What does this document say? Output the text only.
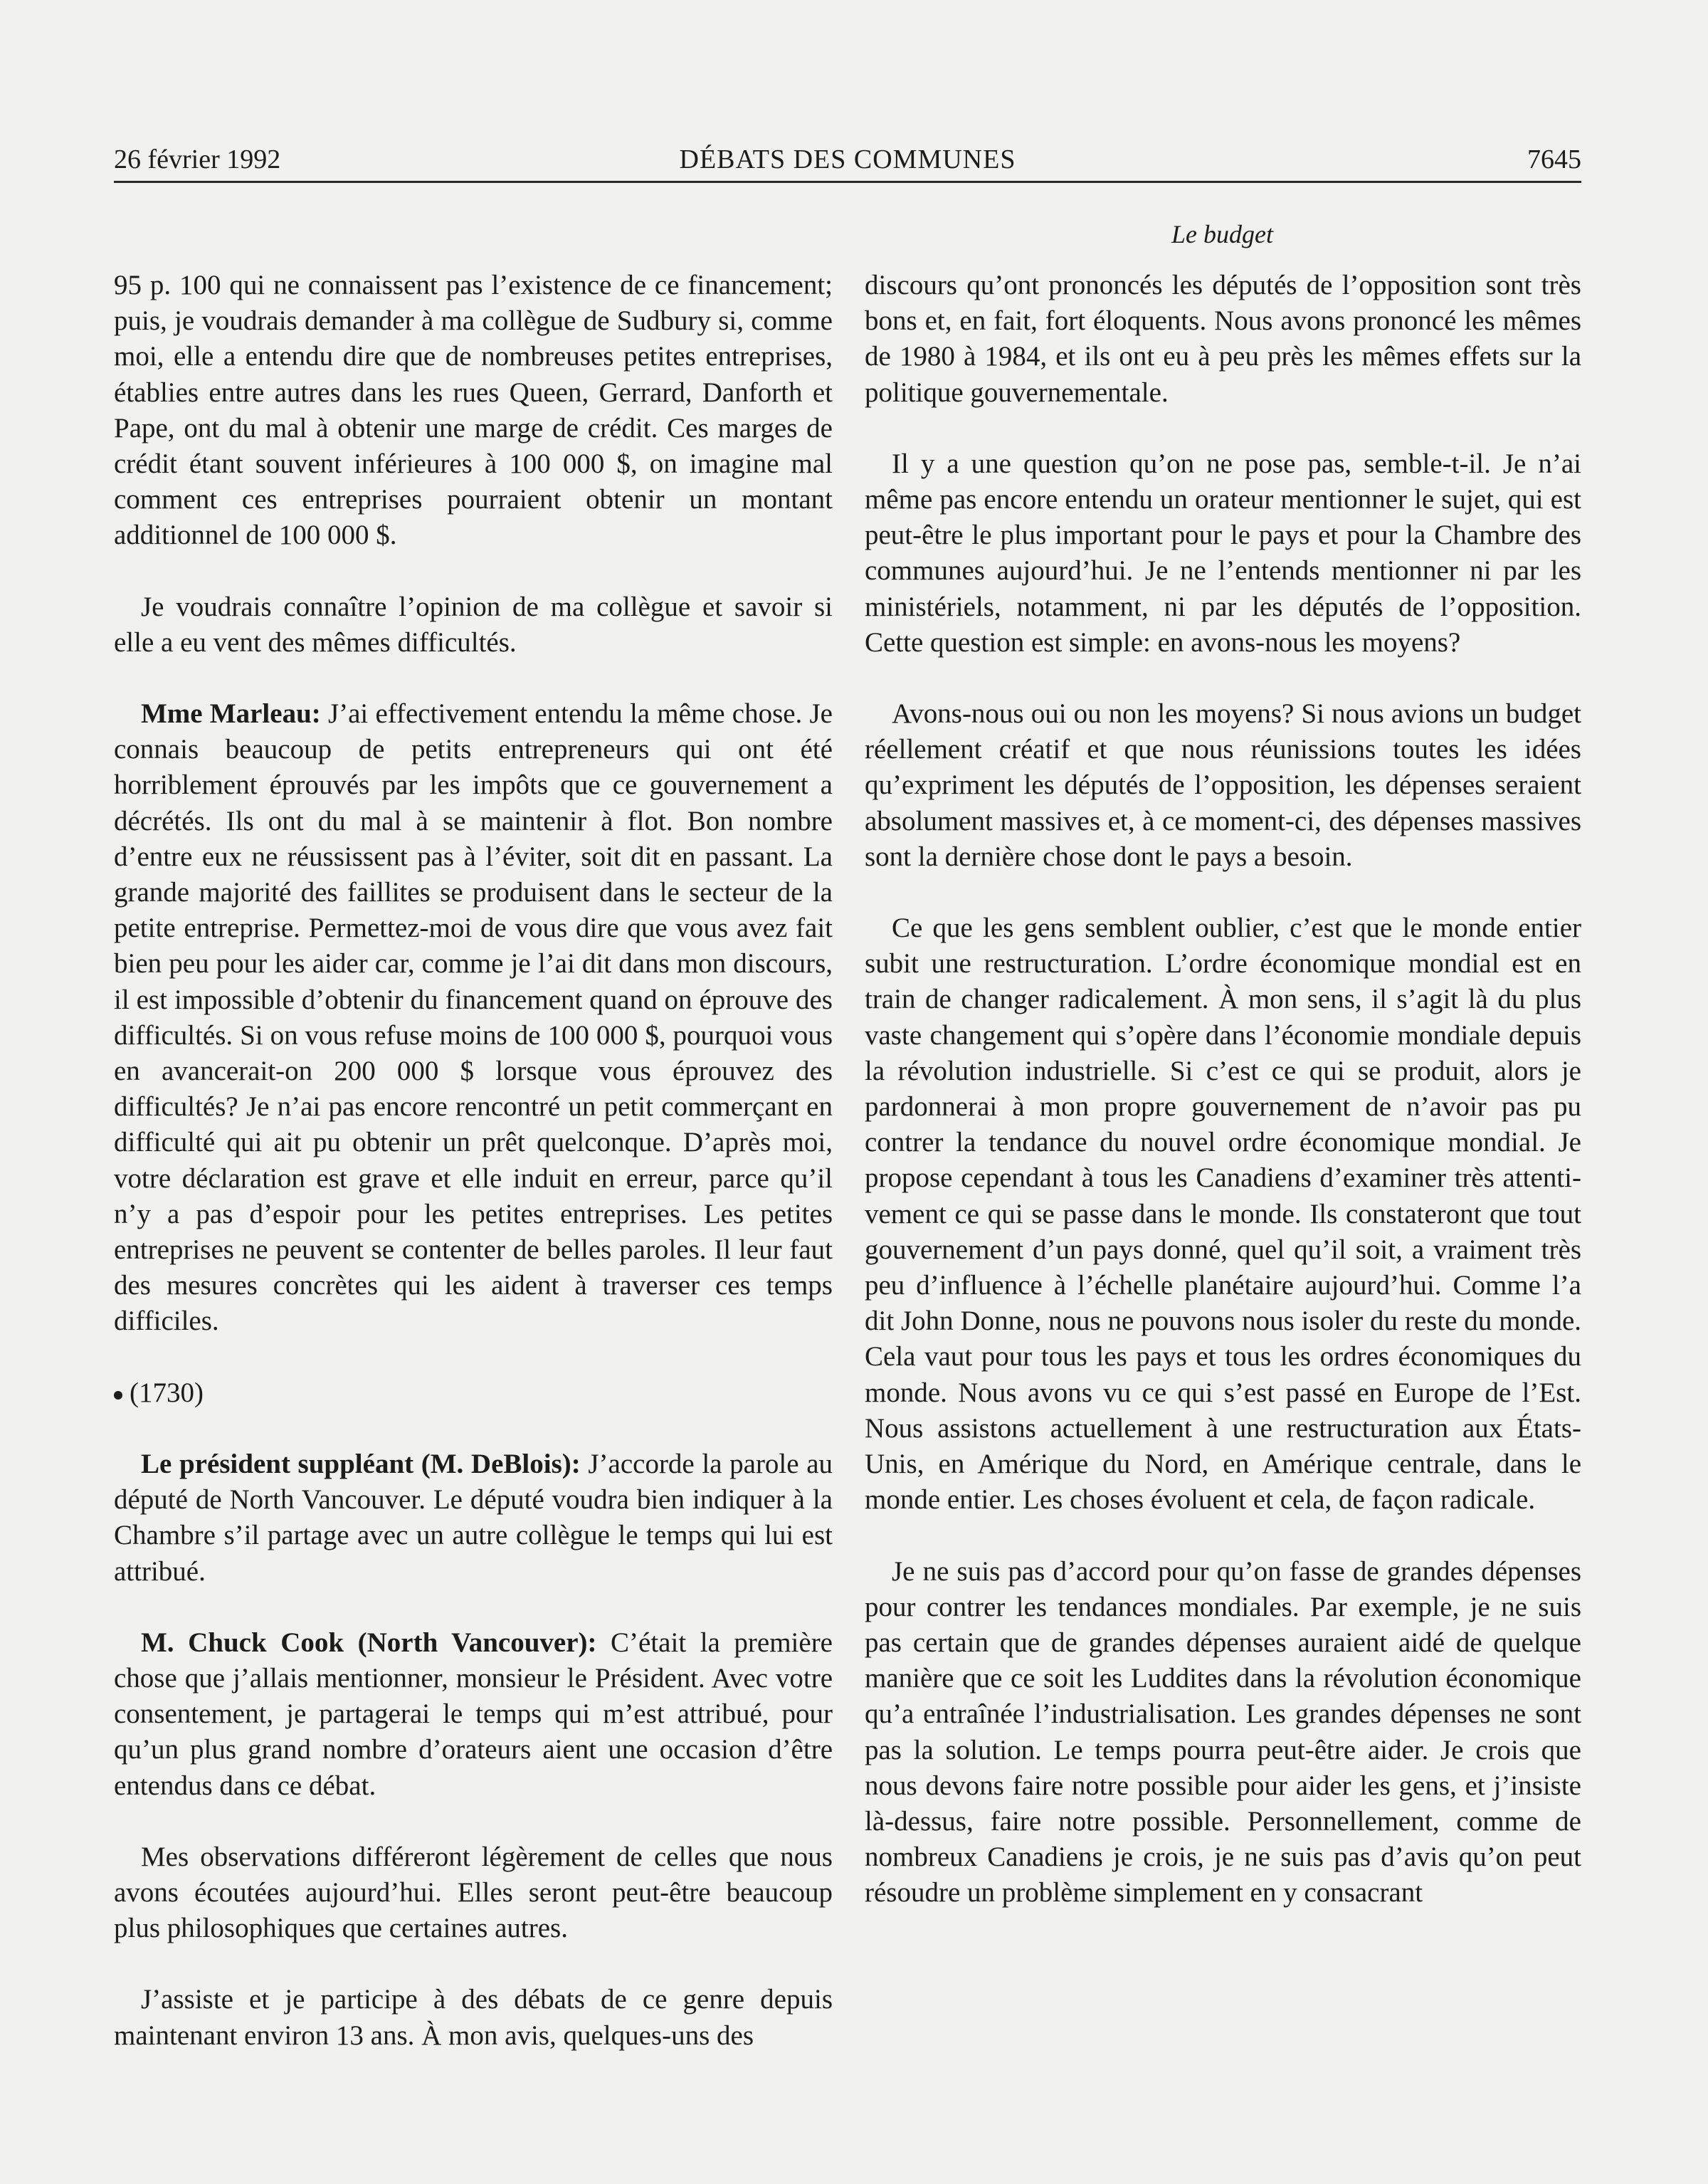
26 février 1992	DÉBATS DES COMMUNES	7645
Le budget

95 p. 100 qui ne connaissent pas l’existence de ce financement; puis, je voudrais demander à ma collègue de Sudbury si, comme moi, elle a entendu dire que de nombreuses petites entreprises, établies entre autres dans les rues Queen, Gerrard, Danforth et Pape, ont du mal à obtenir une marge de crédit. Ces marges de crédit étant souvent inférieures à 100 000 $, on imagine mal comment ces entreprises pourraient obtenir un montant additionnel de 100 000 $.

Je voudrais connaître l’opinion de ma collègue et savoir si elle a eu vent des mêmes difficultés.

Mme Marleau: J’ai effectivement entendu la même chose. Je connais beaucoup de petits entrepreneurs qui ont été horriblement éprouvés par les impôts que ce gouvernement a décrétés. Ils ont du mal à se maintenir à flot. Bon nombre d’entre eux ne réussissent pas à l’éviter, soit dit en passant. La grande majorité des faillites se produisent dans le secteur de la petite entreprise. Permettez-moi de vous dire que vous avez fait bien peu pour les aider car, comme je l’ai dit dans mon discours, il est impossible d’obtenir du financement quand on éprouve des difficultés. Si on vous refuse moins de 100 000 $, pourquoi vous en avancerait-on 200 000 $ lorsque vous éprouvez des difficultés? Je n’ai pas encore rencontré un petit commerçant en difficulté qui ait pu obtenir un prêt quelconque. D’après moi, votre déclaration est grave et elle induit en erreur, parce qu’il n’y a pas d’espoir pour les petites entreprises. Les petites entreprises ne peuvent se contenter de belles paroles. Il leur faut des mesures concrètes qui les aident à traverser ces temps difficiles.

(1730)

Le président suppléant (M. DeBlois): J’accorde la parole au député de North Vancouver. Le député voudra bien indiquer à la Chambre s’il partage avec un autre collègue le temps qui lui est attribué.

M. Chuck Cook (North Vancouver): C’était la première chose que j’allais mentionner, monsieur le Président. Avec votre consentement, je partagerai le temps qui m’est attribué, pour qu’un plus grand nombre d’orateurs aient une occasion d’être entendus dans ce débat.

Mes observations différeront légèrement de celles que nous avons écoutées aujourd’hui. Elles seront peut-être beaucoup plus philosophiques que certaines autres.

J’assiste et je participe à des débats de ce genre depuis maintenant environ 13 ans. À mon avis, quelques-uns des

discours qu’ont prononcés les députés de l’opposition sont très bons et, en fait, fort éloquents. Nous avons prononcé les mêmes de 1980 à 1984, et ils ont eu à peu près les mêmes effets sur la politique gouvernementale.

Il y a une question qu’on ne pose pas, semble-t-il. Je n’ai même pas encore entendu un orateur mentionner le sujet, qui est peut-être le plus important pour le pays et pour la Chambre des communes aujourd’hui. Je ne l’entends mentionner ni par les ministériels, notamment, ni par les députés de l’opposition. Cette question est simple: en avons-nous les moyens?

Avons-nous oui ou non les moyens? Si nous avions un budget réellement créatif et que nous réunissions toutes les idées qu’expriment les députés de l’opposition, les dépenses seraient absolument massives et, à ce moment-ci, des dépenses massives sont la dernière chose dont le pays a besoin.

Ce que les gens semblent oublier, c’est que le monde entier subit une restructuration. L’ordre économique mondial est en train de changer radicalement. À mon sens, il s’agit là du plus vaste changement qui s’opère dans l’économie mondiale depuis la révolution industrielle. Si c’est ce qui se produit, alors je pardonnerai à mon propre gouvernement de n’avoir pas pu contrer la tendance du nouvel ordre économique mondial. Je propose cependant à tous les Canadiens d’examiner très attentivement ce qui se passe dans le monde. Ils constateront que tout gouvernement d’un pays donné, quel qu’il soit, a vraiment très peu d’influence à l’échelle planétaire aujourd’hui. Comme l’a dit John Donne, nous ne pouvons nous isoler du reste du monde. Cela vaut pour tous les pays et tous les ordres économiques du monde. Nous avons vu ce qui s’est passé en Europe de l’Est. Nous assistons actuellement à une restructuration aux États-Unis, en Amérique du Nord, en Amérique centrale, dans le monde entier. Les choses évoluent et cela, de façon radicale.

Je ne suis pas d’accord pour qu’on fasse de grandes dépenses pour contrer les tendances mondiales. Par exemple, je ne suis pas certain que de grandes dépenses auraient aidé de quelque manière que ce soit les Luddites dans la révolution économique qu’a entraînée l’industrialisation. Les grandes dépenses ne sont pas la solution. Le temps pourra peut-être aider. Je crois que nous devons faire notre possible pour aider les gens, et j’insiste là-dessus, faire notre possible. Personnellement, comme de nombreux Canadiens je crois, je ne suis pas d’avis qu’on peut résoudre un problème simplement en y consacrant
